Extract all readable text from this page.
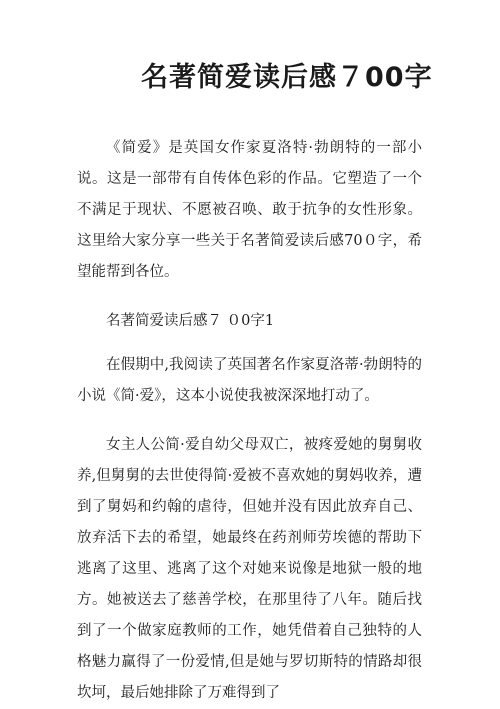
名著简爱读后感７00字

《简爱》是英国女作家夏洛特·勃朗特的一部小说。这是一部带有自传体色彩的作品。它塑造了一个不满足于现状、不愿被召唤、敢于抗争的女性形象。这里给大家分享一些关于名著简爱读后感70０字，希望能帮到各位。

名著简爱读后感７ ０0字1

在假期中,我阅读了英国著名作家夏洛蒂·勃朗特的小说《简·爱》，这本小说使我被深深地打动了。

女主人公简·爱自幼父母双亡，被疼爱她的舅舅收养,但舅舅的去世使得简·爱被不喜欢她的舅妈收养，遭到了舅妈和约翰的虐待，但她并没有因此放弃自己、放弃活下去的希望，她最终在药剂师劳埃德的帮助下逃离了这里、逃离了这个对她来说像是地狱一般的地方。她被送去了慈善学校，在那里待了八年。随后找到了一个做家庭教师的工作，她凭借着自己独特的人格魅力赢得了一份爱情,但是她与罗切斯特的情路却很坎坷，最后她排除了万难得到了
